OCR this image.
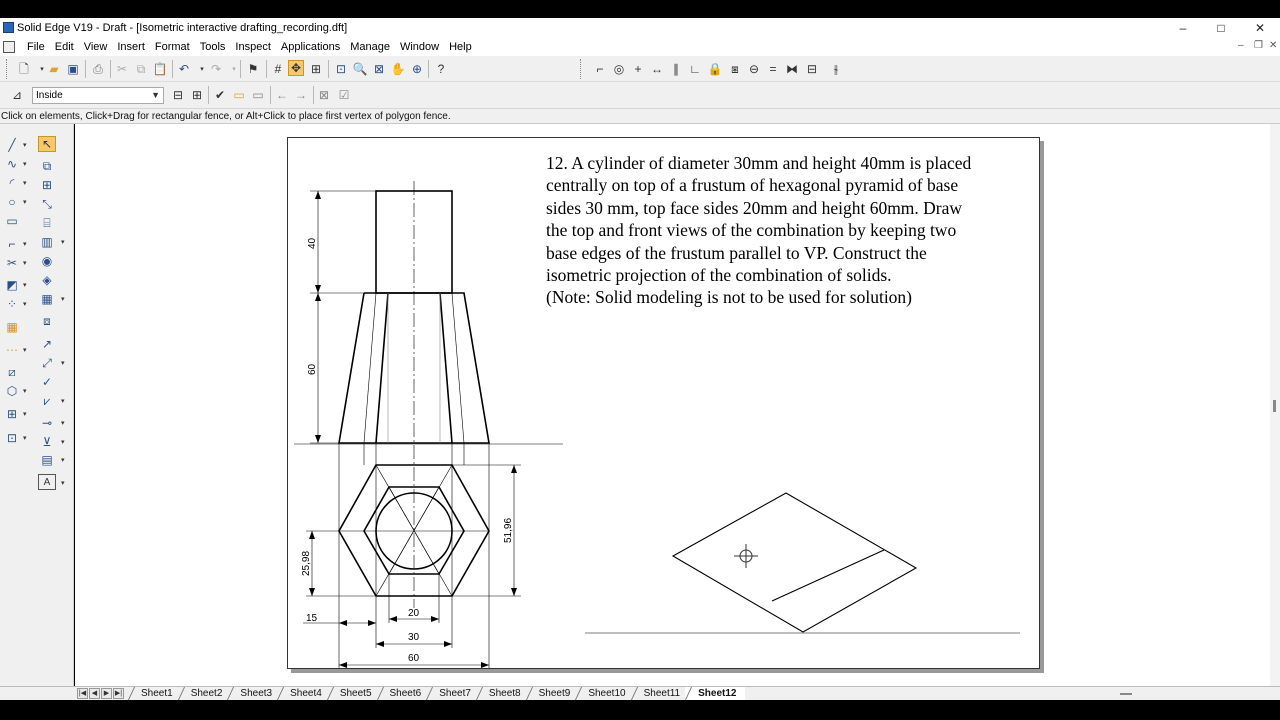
Solid Edge V19 - Draft - [Isometric interactive drafting_recording.dft]	–	□	✕
File Edit View Insert Format Tools Inspect Applications Manage Window Help	– ❐ ✕
🗋	▾ ▰ ▣ ⎙ ✂ ⧉ 📋 ↶	▾ ↷	▾ ⚑	# ✥ ⊞ ⊡ 🔍 ⊠ ✋ ⊕	?	⌐ ◎ + ↔ ∥ ∟ 🔒 ⧆ ⊖ = ⧓ ⊟	⫳
⊿	Inside	▼ ⊟ ⊞ ✔ ▭ ▭ ← → ⊠ ☑
Click on elements, Click+Drag for rectangular fence, or Alt+Click to place first vertex of polygon fence.
╱	▾
∿ ▾
◜	▾
○	▾
▭
⌐	▾
✂ ▾
◩ ▾
⁘ ▾
▦
⋯ ▾
⧄
⬡ ▾
⊞ ▾
⊡ ▾
↖
⧉
⊞
⤡
⌸
▥	▾
◉
◈
▦	▾
⧈
↗
⤢	▾
✓
⩗	▾
⊸	▾
⊻	▾
▤	▾
A	▾
40
60
51,96
25,98
15	20
30
60
12. A cylinder of diameter 30mm and height 40mm is placed
centrally on top of a frustum of hexagonal pyramid of base
sides 30 mm, top face sides 20mm and height 60mm. Draw
the top and front views of the combination by keeping two
base edges of the frustum parallel to VP. Construct the
isometric projection of the combination of solids.
(Note: Solid modeling is not to be used for solution)
|◀ ◀ ▶ ▶|	Sheet1	Sheet2	Sheet3	Sheet4	Sheet5	Sheet6	Sheet7	Sheet8	Sheet9	Sheet10	Sheet11	Sheet12
